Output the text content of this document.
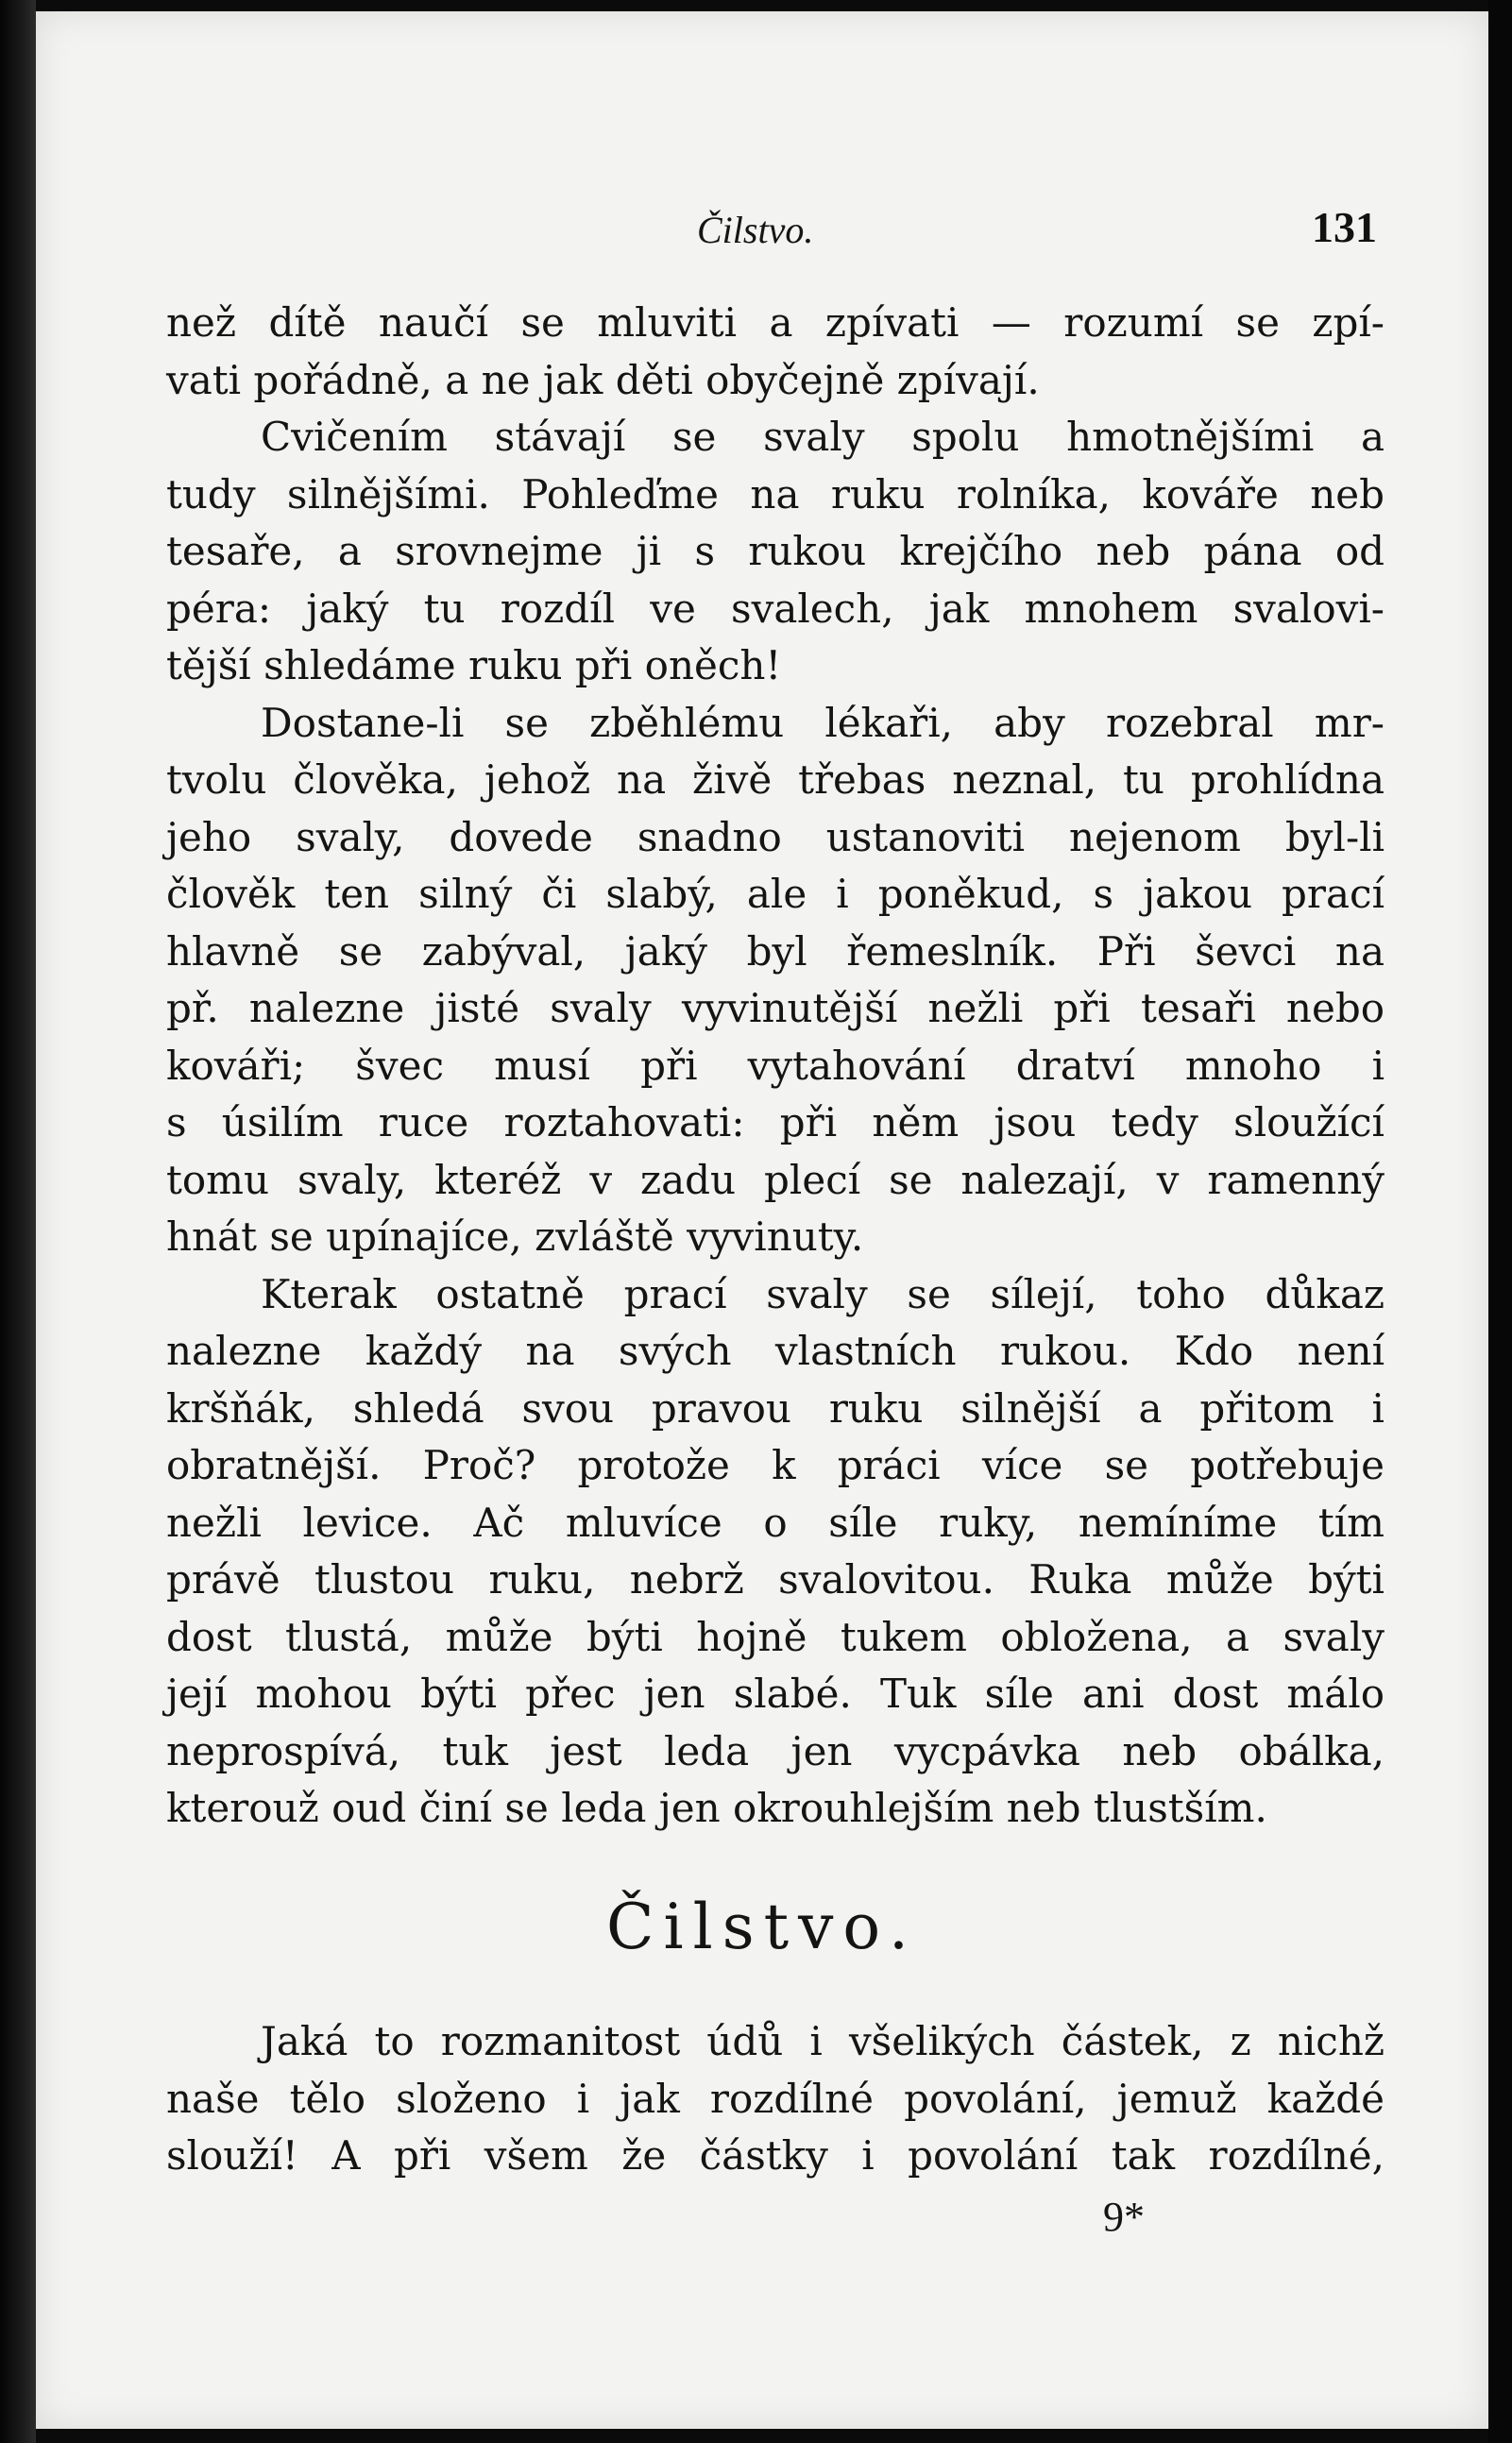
Čilstvo.	131
než dítě naučí se mluviti a zpívati — rozumí se zpí-
vati pořádně, a ne jak děti obyčejně zpívají.
Cvičením stávají se svaly spolu hmotnějšími a
tudy silnějšími. Pohleďme na ruku rolníka, kováře neb
tesaře, a srovnejme ji s rukou krejčího neb pána od
péra: jaký tu rozdíl ve svalech, jak mnohem svalovi-
tější shledáme ruku při oněch!
Dostane-li se zběhlému lékaři, aby rozebral mr-
tvolu člověka, jehož na živě třebas neznal, tu prohlídna
jeho svaly, dovede snadno ustanoviti nejenom byl-li
člověk ten silný či slabý, ale i poněkud, s jakou prací
hlavně se zabýval, jaký byl řemeslník. Při ševci na
př. nalezne jisté svaly vyvinutější nežli při tesaři nebo
kováři; švec musí při vytahování dratví mnoho i
s úsilím ruce roztahovati: při něm jsou tedy sloužící
tomu svaly, kteréž v zadu plecí se nalezají, v ramenný
hnát se upínajíce, zvláště vyvinuty.
Kterak ostatně prací svaly se sílejí, toho důkaz
nalezne každý na svých vlastních rukou. Kdo není
kršňák, shledá svou pravou ruku silnější a přitom i
obratnější. Proč? protože k práci více se potřebuje
nežli levice. Ač mluvíce o síle ruky, nemíníme tím
právě tlustou ruku, nebrž svalovitou. Ruka může býti
dost tlustá, může býti hojně tukem obložena, a svaly
její mohou býti přec jen slabé. Tuk síle ani dost málo
neprospívá, tuk jest leda jen vycpávka neb obálka,
kterouž oud činí se leda jen okrouhlejším neb tlustším.
Čilstvo.
Jaká to rozmanitost údů i všelikých částek, z nichž
naše tělo složeno i jak rozdílné povolání, jemuž každé
slouží! A při všem že částky i povolání tak rozdílné,
9*
